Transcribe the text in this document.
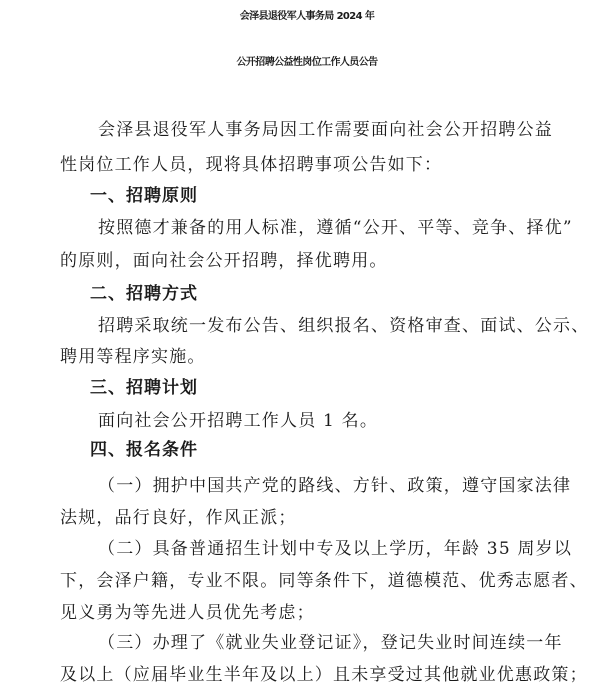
会泽县退役军人事务局 2024 年
公开招聘公益性岗位工作人员公告
会泽县退役军人事务局因工作需要面向社会公开招聘公益
性岗位工作人员，现将具体招聘事项公告如下：
一、招聘原则
按照德才兼备的用人标准，遵循“公开、平等、竞争、择优”
的原则，面向社会公开招聘，择优聘用。
二、招聘方式
招聘采取统一发布公告、组织报名、资格审查、面试、公示、
聘用等程序实施。
三、招聘计划
面向社会公开招聘工作人员 1 名。
四、报名条件
（一）拥护中国共产党的路线、方针、政策，遵守国家法律
法规，品行良好，作风正派；
（二）具备普通招生计划中专及以上学历，年龄 35 周岁以
下，会泽户籍，专业不限。同等条件下，道德模范、优秀志愿者、
见义勇为等先进人员优先考虑；
（三）办理了《就业失业登记证》，登记失业时间连续一年
及以上（应届毕业生半年及以上）且未享受过其他就业优惠政策；
